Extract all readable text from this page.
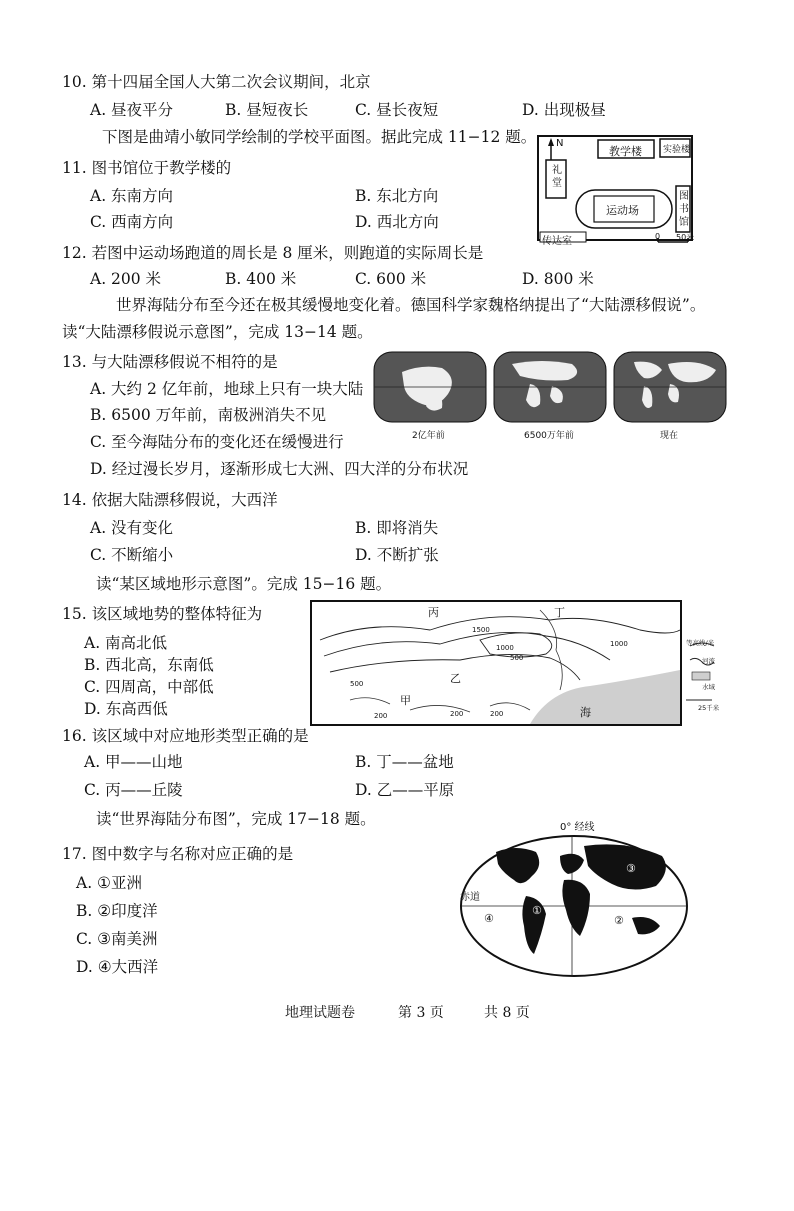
10. 第十四届全国人大第二次会议期间，北京
A. 昼夜平分	B. 昼短夜长	C. 昼长夜短	D. 出现极昼
下图是曲靖小敏同学绘制的学校平面图。据此完成 11−12 题。
11. 图书馆位于教学楼的
A. 东南方向	B. 东北方向
C. 西南方向	D. 西北方向
12. 若图中运动场跑道的周长是 8 厘米，则跑道的实际周长是
A. 200 米	B. 400 米	C. 600 米	D. 800 米
N
教学楼 实验楼
礼
堂
运动场
图
书
馆
传达室	0 50米
世界海陆分布至今还在极其缓慢地变化着。德国科学家魏格纳提出了“大陆漂移假说”。
读“大陆漂移假说示意图”，完成 13−14 题。
13. 与大陆漂移假说不相符的是
A. 大约 2 亿年前，地球上只有一块大陆
B. 6500 万年前，南极洲消失不见
C. 至今海陆分布的变化还在缓慢进行
D. 经过漫长岁月，逐渐形成七大洲、四大洋的分布状况
2亿年前	6500万年前	现在
14. 依据大陆漂移假说，大西洋
A. 没有变化	B. 即将消失
C. 不断缩小	D. 不断扩张
读“某区域地形示意图”。完成 15−16 题。
15. 该区域地势的整体特征为
A. 南高北低
B. 西北高，东南低
C. 四周高，中部低
D. 东高西低
丙
乙
甲
丁
海
1500
1000	1000
500
500
200	200	200
等高线/米
河流
水域
25千米
16. 该区域中对应地形类型正确的是
A. 甲——山地	B. 丁——盆地
C. 丙——丘陵	D. 乙——平原
读“世界海陆分布图”，完成 17−18 题。
17. 图中数字与名称对应正确的是
A. ①亚洲
B. ②印度洋
C. ③南美洲
D. ④大西洋
0° 经线
赤道
①
②
③
④
地理试题卷	第 3 页	共 8 页
